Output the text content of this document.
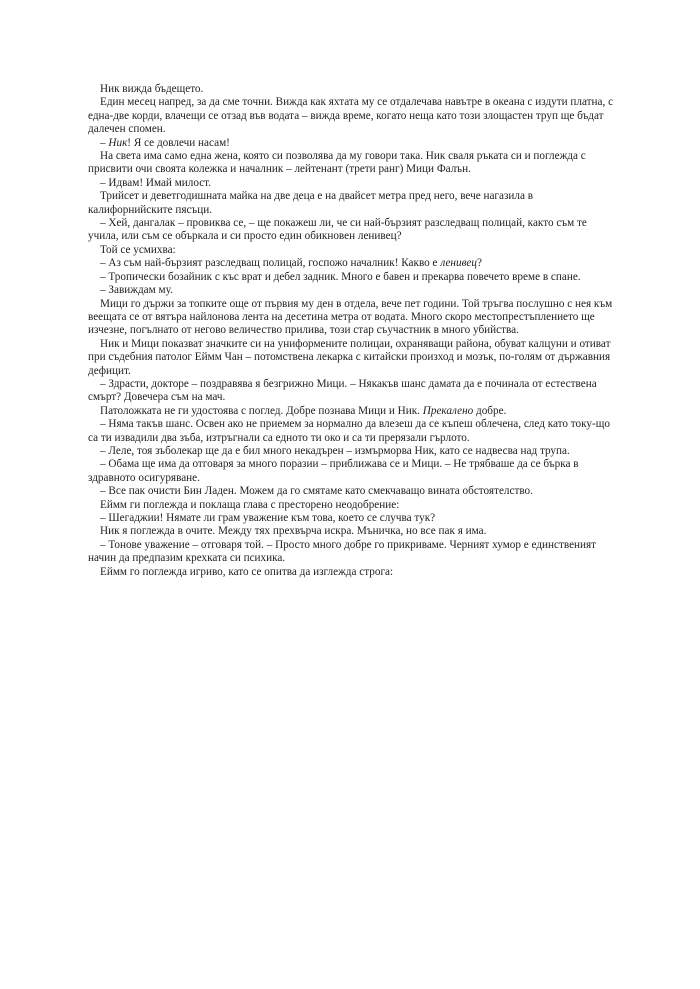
Ник вижда бъдещето.

Един месец напред, за да сме точни. Вижда как яхтата му се отдалечава навътре в океана с издути платна, с една-две корди, влачещи се отзад във водата – вижда време, когато неща като този злощастен труп ще бъдат далечен спомен.

– Ник! Я се довлечи насам!

На света има само една жена, която си позволява да му говори така. Ник сваля ръката си и поглежда с присвити очи своята колежка и началник – лейтенант (трети ранг) Мици Фалън.

– Идвам! Имай милост.

Трийсет и деветгодишната майка на две деца е на двайсет метра пред него, вече нагазила в калифорнийските пясъци.

– Хей, дангалак – провиква се, – ще покажеш ли, че си най-бързият разследващ полицай, както съм те учила, или съм се объркала и си просто един обикновен ленивец?

Той се усмихва:

– Аз съм най-бързият разследващ полицай, госпожо началник! Какво е ленивец?

– Тропически бозайник с къс врат и дебел задник. Много е бавен и прекарва повечето време в спане.

– Завиждам му.

Мици го държи за топките още от първия му ден в отдела, вече пет години. Той тръгва послушно с нея към веещата се от вятъра найлонова лента на десетина метра от водата. Много скоро местопрестъплението ще изчезне, погълнато от негово величество прилива, този стар съучастник в много убийства.

Ник и Мици показват значките си на униформените полицаи, охраняващи района, обуват калцуни и отиват при съдебния патолог Еймм Чан – потомствена лекарка с китайски произход и мозък, по-голям от държавния дефицит.

– Здрасти, докторе – поздравява я безгрижно Мици. – Някакъв шанс дамата да е починала от естествена смърт? Довечера съм на мач.

Патоложката не ги удостоява с поглед. Добре познава Мици и Ник. Прекалено добре.

– Няма такъв шанс. Освен ако не приемем за нормално да влезеш да се къпеш облечена, след като току-що са ти извадили два зъба, изтръгнали са едното ти око и са ти прерязали гърлото.

– Леле, тоя зъболекар ще да е бил много некадърен – измърморва Ник, като се надвесва над трупа.

– Обама ще има да отговаря за много поразии – приближава се и Мици. – Не трябваше да се бърка в здравното осигуряване.

– Все пак очисти Бин Ладен. Можем да го смятаме като смекчаващо вината обстоятелство.

Еймм ги поглежда и поклаща глава с престорено неодобрение:

– Шегаджии! Нямате ли грам уважение към това, което се случва тук?

Ник я поглежда в очите. Между тях прехвърча искра. Мъничка, но все пак я има.

– Тонове уважение – отговаря той. – Просто много добре го прикриваме. Черният хумор е единственият начин да предпазим крехката си психика.

Еймм го поглежда игриво, като се опитва да изглежда строга:
